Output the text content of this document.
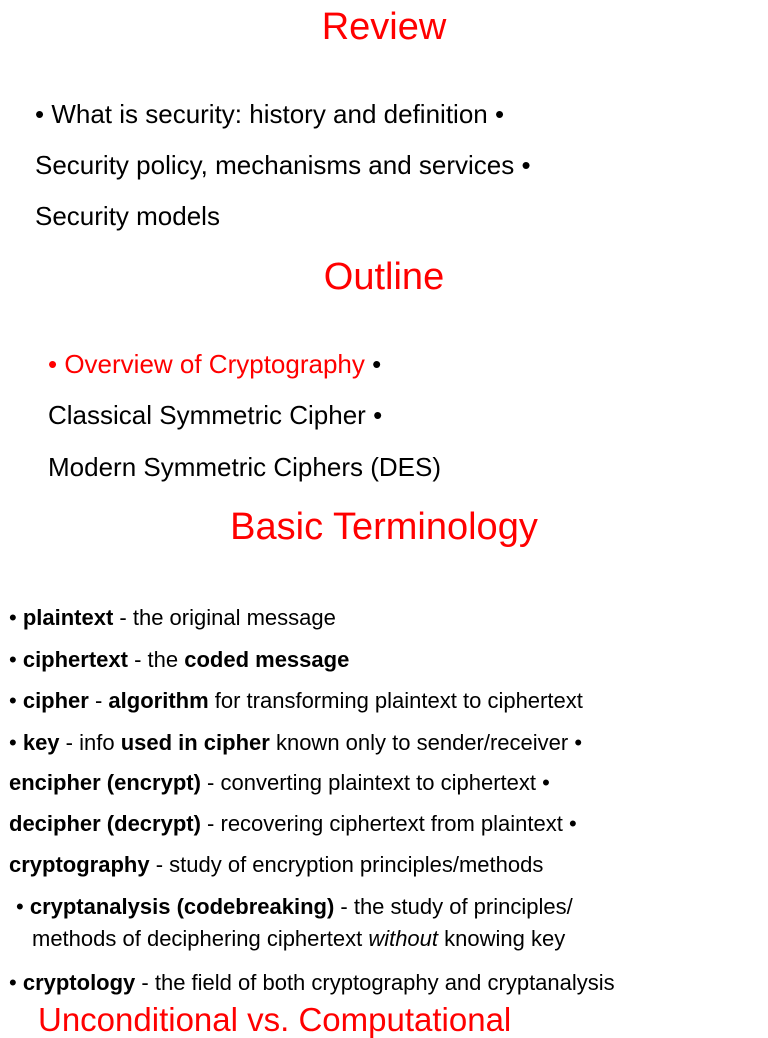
Review
• What is security: history and definition •
Security policy, mechanisms and services •
Security models
Outline
• Overview of Cryptography •
Classical Symmetric Cipher •
Modern Symmetric Ciphers (DES)
Basic Terminology
• plaintext - the original message
• ciphertext - the coded message
• cipher - algorithm for transforming plaintext to ciphertext
• key - info used in cipher known only to sender/receiver •
encipher (encrypt) - converting plaintext to ciphertext •
decipher (decrypt) - recovering ciphertext from plaintext •
cryptography - study of encryption principles/methods
• cryptanalysis (codebreaking) - the study of principles/
methods of deciphering ciphertext without knowing key
• cryptology - the field of both cryptography and cryptanalysis
Unconditional vs. Computational
